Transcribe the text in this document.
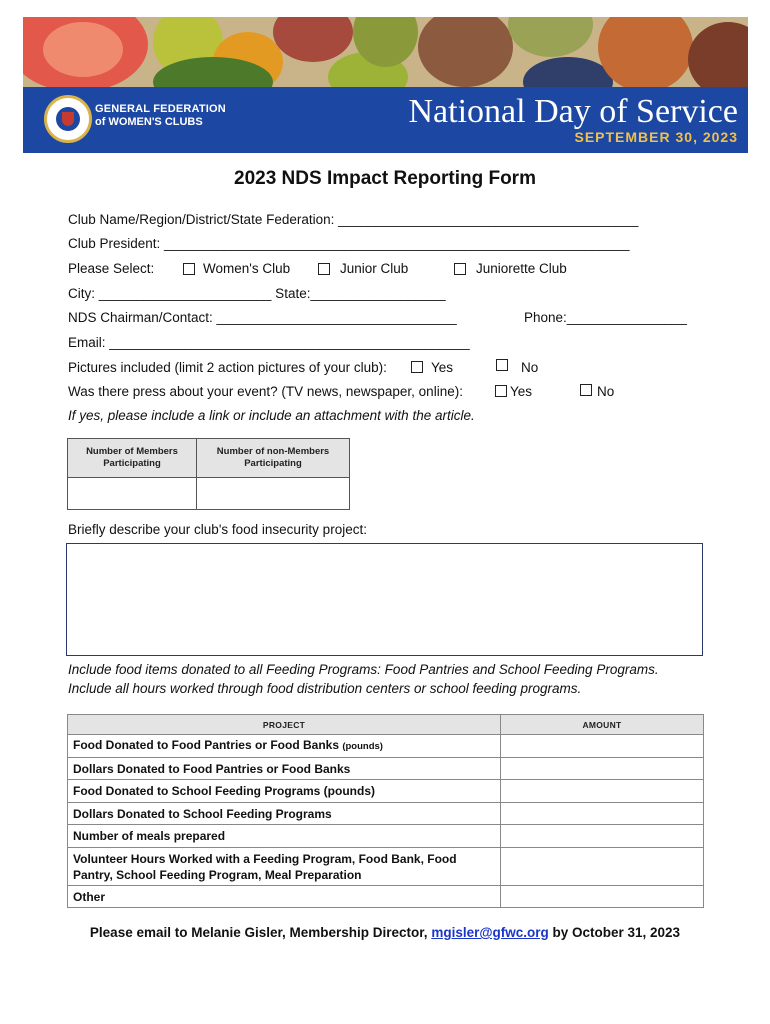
GENERAL FEDERATION
of WOMEN'S CLUBS	National Day of Service
SEPTEMBER 30, 2023
2023 NDS Impact Reporting Form
Club Name/Region/District/State Federation: ________________________________________
Club President: ______________________________________________________________
Please Select:	Women's Club	Junior Club	Juniorette Club
City: _______________________ State:__________________
NDS Chairman/Contact: ________________________________	Phone:________________
Email: ________________________________________________
Pictures included (limit 2 action pictures of your club):	Yes	No
Was there press about your event? (TV news, newspaper, online):	Yes	No
If yes, please include a link or include an attachment with the article.
Number of Members
Participating
Number of non-Members
Participating
Briefly describe your club's food insecurity project:
Include food items donated to all Feeding Programs: Food Pantries and School Feeding Programs.
Include all hours worked through food distribution centers or school feeding programs.
PROJECT	AMOUNT
Food Donated to Food Pantries or Food Banks (pounds)	
Dollars Donated to Food Pantries or Food Banks	
Food Donated to School Feeding Programs (pounds)	
Dollars Donated to School Feeding Programs	
Number of meals prepared	

Volunteer Hours Worked with a Feeding Program, Food Bank, Food
Pantry, School Feeding Program, Meal Preparation	

Other	
Please email to Melanie Gisler, Membership Director, mgisler@gfwc.org by October 31, 2023
